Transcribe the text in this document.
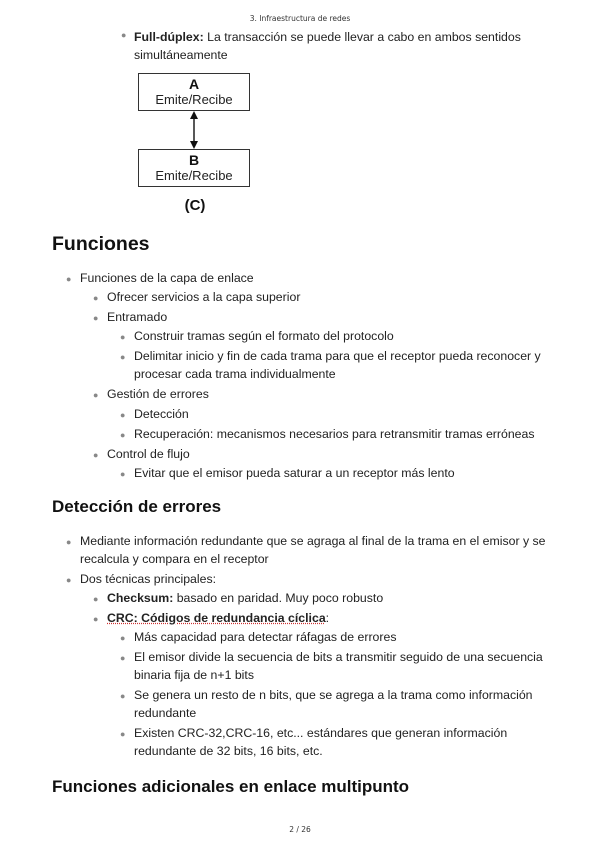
3. Infraestructura de redes
● Full-dúplex: La transacción se puede llevar a cabo en ambos sentidos
simultáneamente
A
Emite/Recibe
B
Emite/Recibe
(C)
Funciones
● Funciones de la capa de enlace
● Ofrecer servicios a la capa superior
● Entramado
● Construir tramas según el formato del protocolo
● Delimitar inicio y fin de cada trama para que el receptor pueda reconocer y
procesar cada trama individualmente
● Gestión de errores
● Detección
● Recuperación: mecanismos necesarios para retransmitir tramas erróneas
● Control de flujo
● Evitar que el emisor pueda saturar a un receptor más lento
Detección de errores
● Mediante información redundante que se agraga al final de la trama en el emisor y se
recalcula y compara en el receptor
● Dos técnicas principales:
● Checksum: basado en paridad. Muy poco robusto
● CRC: Códigos de redundancia cíclica:
● Más capacidad para detectar ráfagas de errores
● El emisor divide la secuencia de bits a transmitir seguido de una secuencia
binaria fija de n+1 bits
● Se genera un resto de n bits, que se agrega a la trama como información
redundante
● Existen CRC-32,CRC-16, etc... estándares que generan información
redundante de 32 bits, 16 bits, etc.
Funciones adicionales en enlace multipunto
2 / 26
